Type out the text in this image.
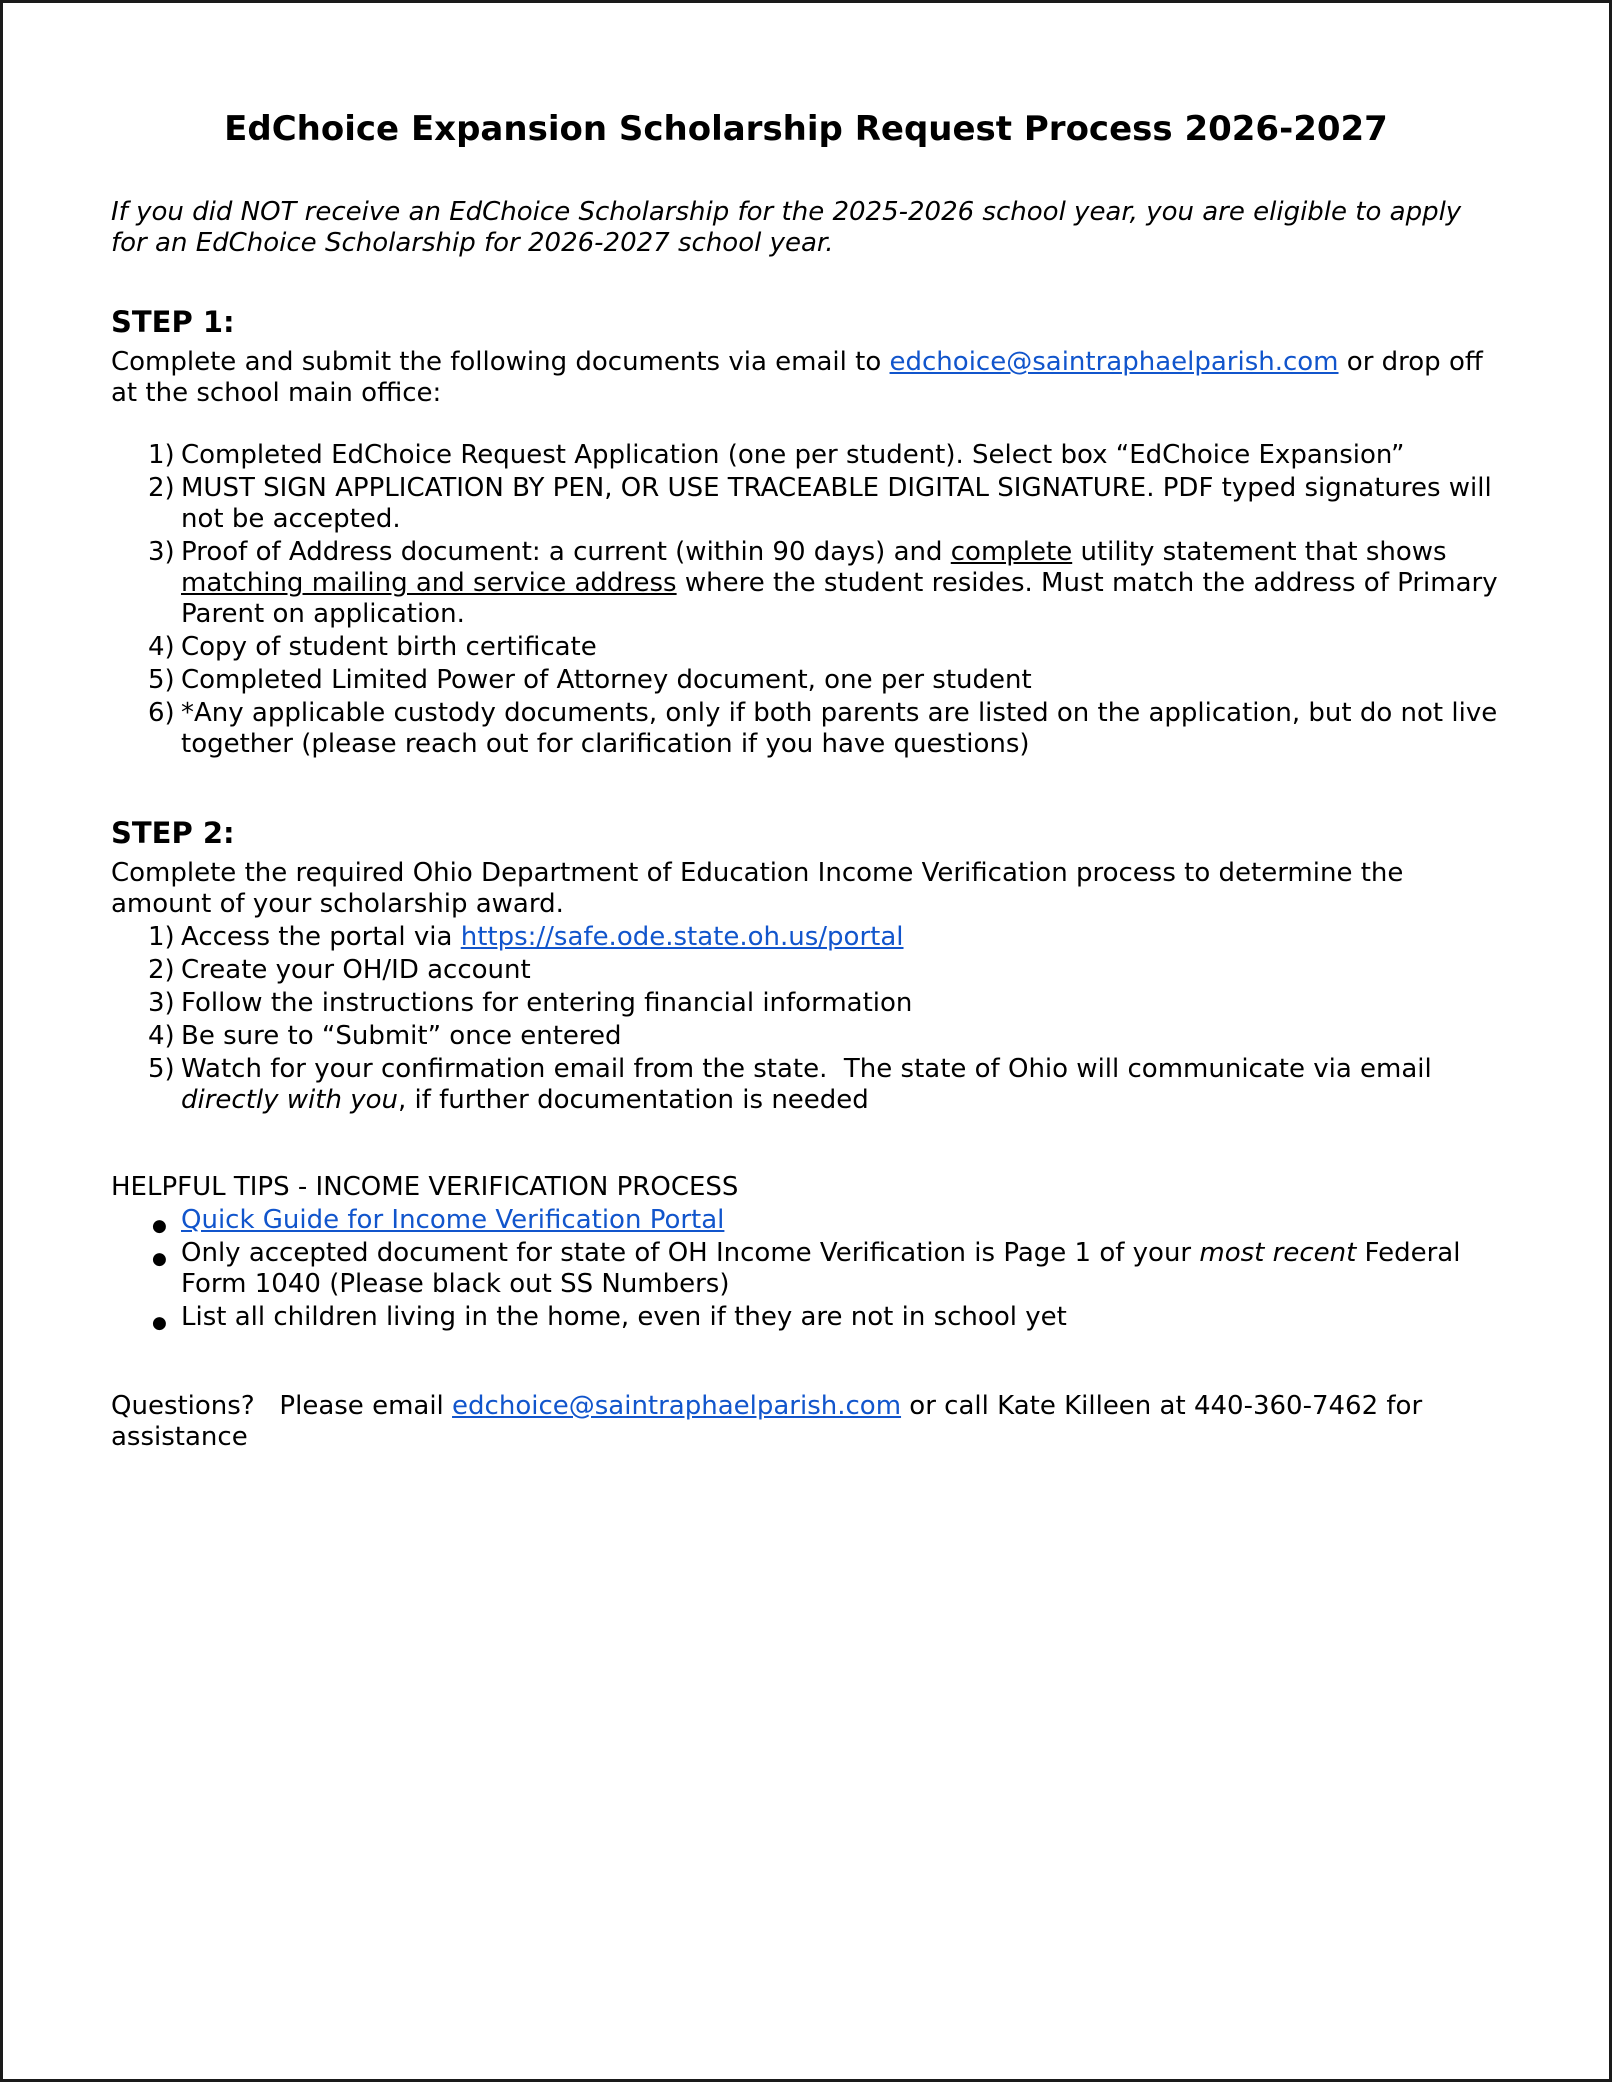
EdChoice Expansion Scholarship Request Process 2026-2027

If you did NOT receive an EdChoice Scholarship for the 2025-2026 school year, you are eligible to apply for an EdChoice Scholarship for 2026-2027 school year.

STEP 1:

Complete and submit the following documents via email to edchoice@saintraphaelparish.com or drop off at the school main office:

Completed EdChoice Request Application (one per student). Select box “EdChoice Expansion”
MUST SIGN APPLICATION BY PEN, OR USE TRACEABLE DIGITAL SIGNATURE. PDF typed signatures will not be accepted.
Proof of Address document: a current (within 90 days) and complete utility statement that shows matching mailing and service address where the student resides. Must match the address of Primary Parent on application.
Copy of student birth certificate
Completed Limited Power of Attorney document, one per student
*Any applicable custody documents, only if both parents are listed on the application, but do not live together (please reach out for clarification if you have questions)
STEP 2:

Complete the required Ohio Department of Education Income Verification process to determine the amount of your scholarship award.

Access the portal via https://safe.ode.state.oh.us/portal
Create your OH/ID account
Follow the instructions for entering financial information
Be sure to “Submit” once entered
Watch for your confirmation email from the state.  The state of Ohio will communicate via email directly with you, if further documentation is needed

HELPFUL TIPS - INCOME VERIFICATION PROCESS

● Quick Guide for Income Verification Portal
● Only accepted document for state of OH Income Verification is Page 1 of your most recent Federal Form 1040 (Please black out SS Numbers)
● List all children living in the home, even if they are not in school yet

Questions?   Please email edchoice@saintraphaelparish.com or call Kate Killeen at 440-360-7462 for assistance
